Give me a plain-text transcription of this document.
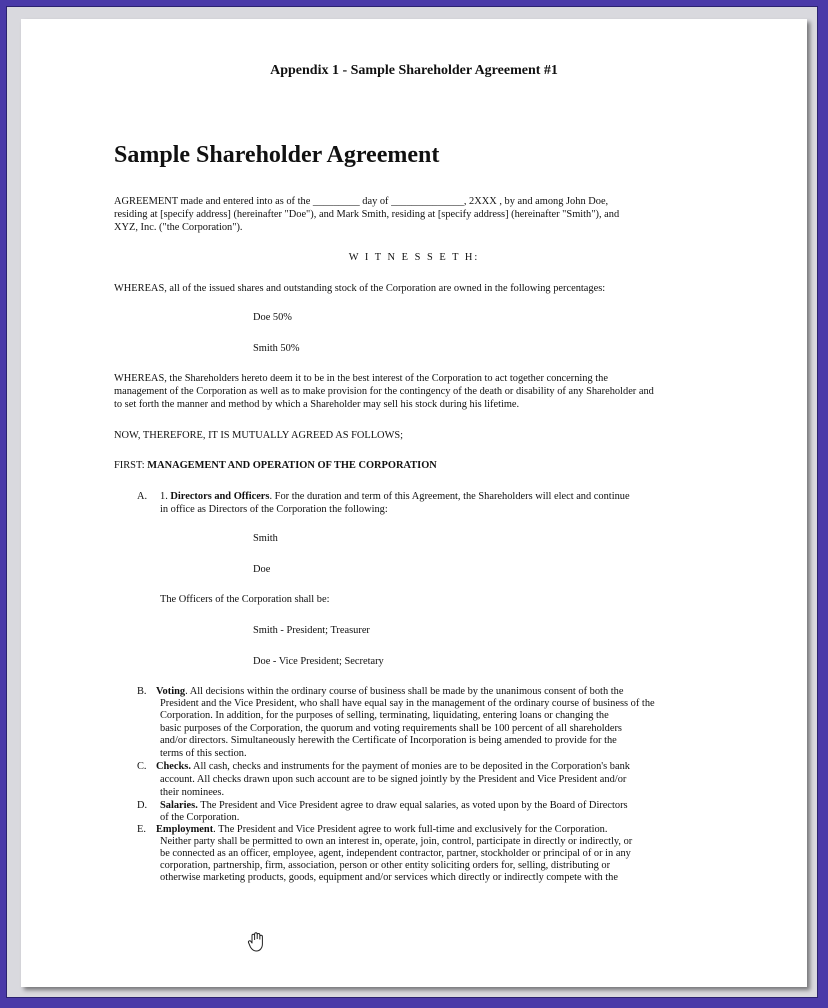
Appendix 1 - Sample Shareholder Agreement #1

Sample Shareholder Agreement

AGREEMENT made and entered into as of the _________ day of ______________, 2XXX , by and among John Doe,

residing at [specify address] (hereinafter "Doe"), and Mark Smith, residing at [specify address] (hereinafter "Smith"), and

XYZ, Inc. ("the Corporation").

W I T N E S S E T H:

WHEREAS, all of the issued shares and outstanding stock of the Corporation are owned in the following percentages:

Doe 50%

Smith 50%

WHEREAS, the Shareholders hereto deem it to be in the best interest of the Corporation to act together concerning the

management of the Corporation as well as to make provision for the contingency of the death or disability of any Shareholder and

to set forth the manner and method by which a Shareholder may sell his stock during his lifetime.

NOW, THEREFORE, IT IS MUTUALLY AGREED AS FOLLOWS;

FIRST: MANAGEMENT AND OPERATION OF THE CORPORATION

A. 1. Directors and Officers. For the duration and term of this Agreement, the Shareholders will elect and continue

in office as Directors of the Corporation the following:

Smith

Doe

The Officers of the Corporation shall be:

Smith - President; Treasurer

Doe - Vice President; Secretary

B. Voting. All decisions within the ordinary course of business shall be made by the unanimous consent of both the

President and the Vice President, who shall have equal say in the management of the ordinary course of business of the

Corporation. In addition, for the purposes of selling, terminating, liquidating, entering loans or changing the

basic purposes of the Corporation, the quorum and voting requirements shall be 100 percent of all shareholders

and/or directors. Simultaneously herewith the Certificate of Incorporation is being amended to provide for the

terms of this section.

C. Checks. All cash, checks and instruments for the payment of monies are to be deposited in the Corporation's bank

account. All checks drawn upon such account are to be signed jointly by the President and Vice President and/or

their nominees.

D. Salaries. The President and Vice President agree to draw equal salaries, as voted upon by the Board of Directors

of the Corporation.

E. Employment. The President and Vice President agree to work full-time and exclusively for the Corporation.

Neither party shall be permitted to own an interest in, operate, join, control, participate in directly or indirectly, or

be connected as an officer, employee, agent, independent contractor, partner, stockholder or principal of or in any

corporation, partnership, firm, association, person or other entity soliciting orders for, selling, distributing or

otherwise marketing products, goods, equipment and/or services which directly or indirectly compete with the
